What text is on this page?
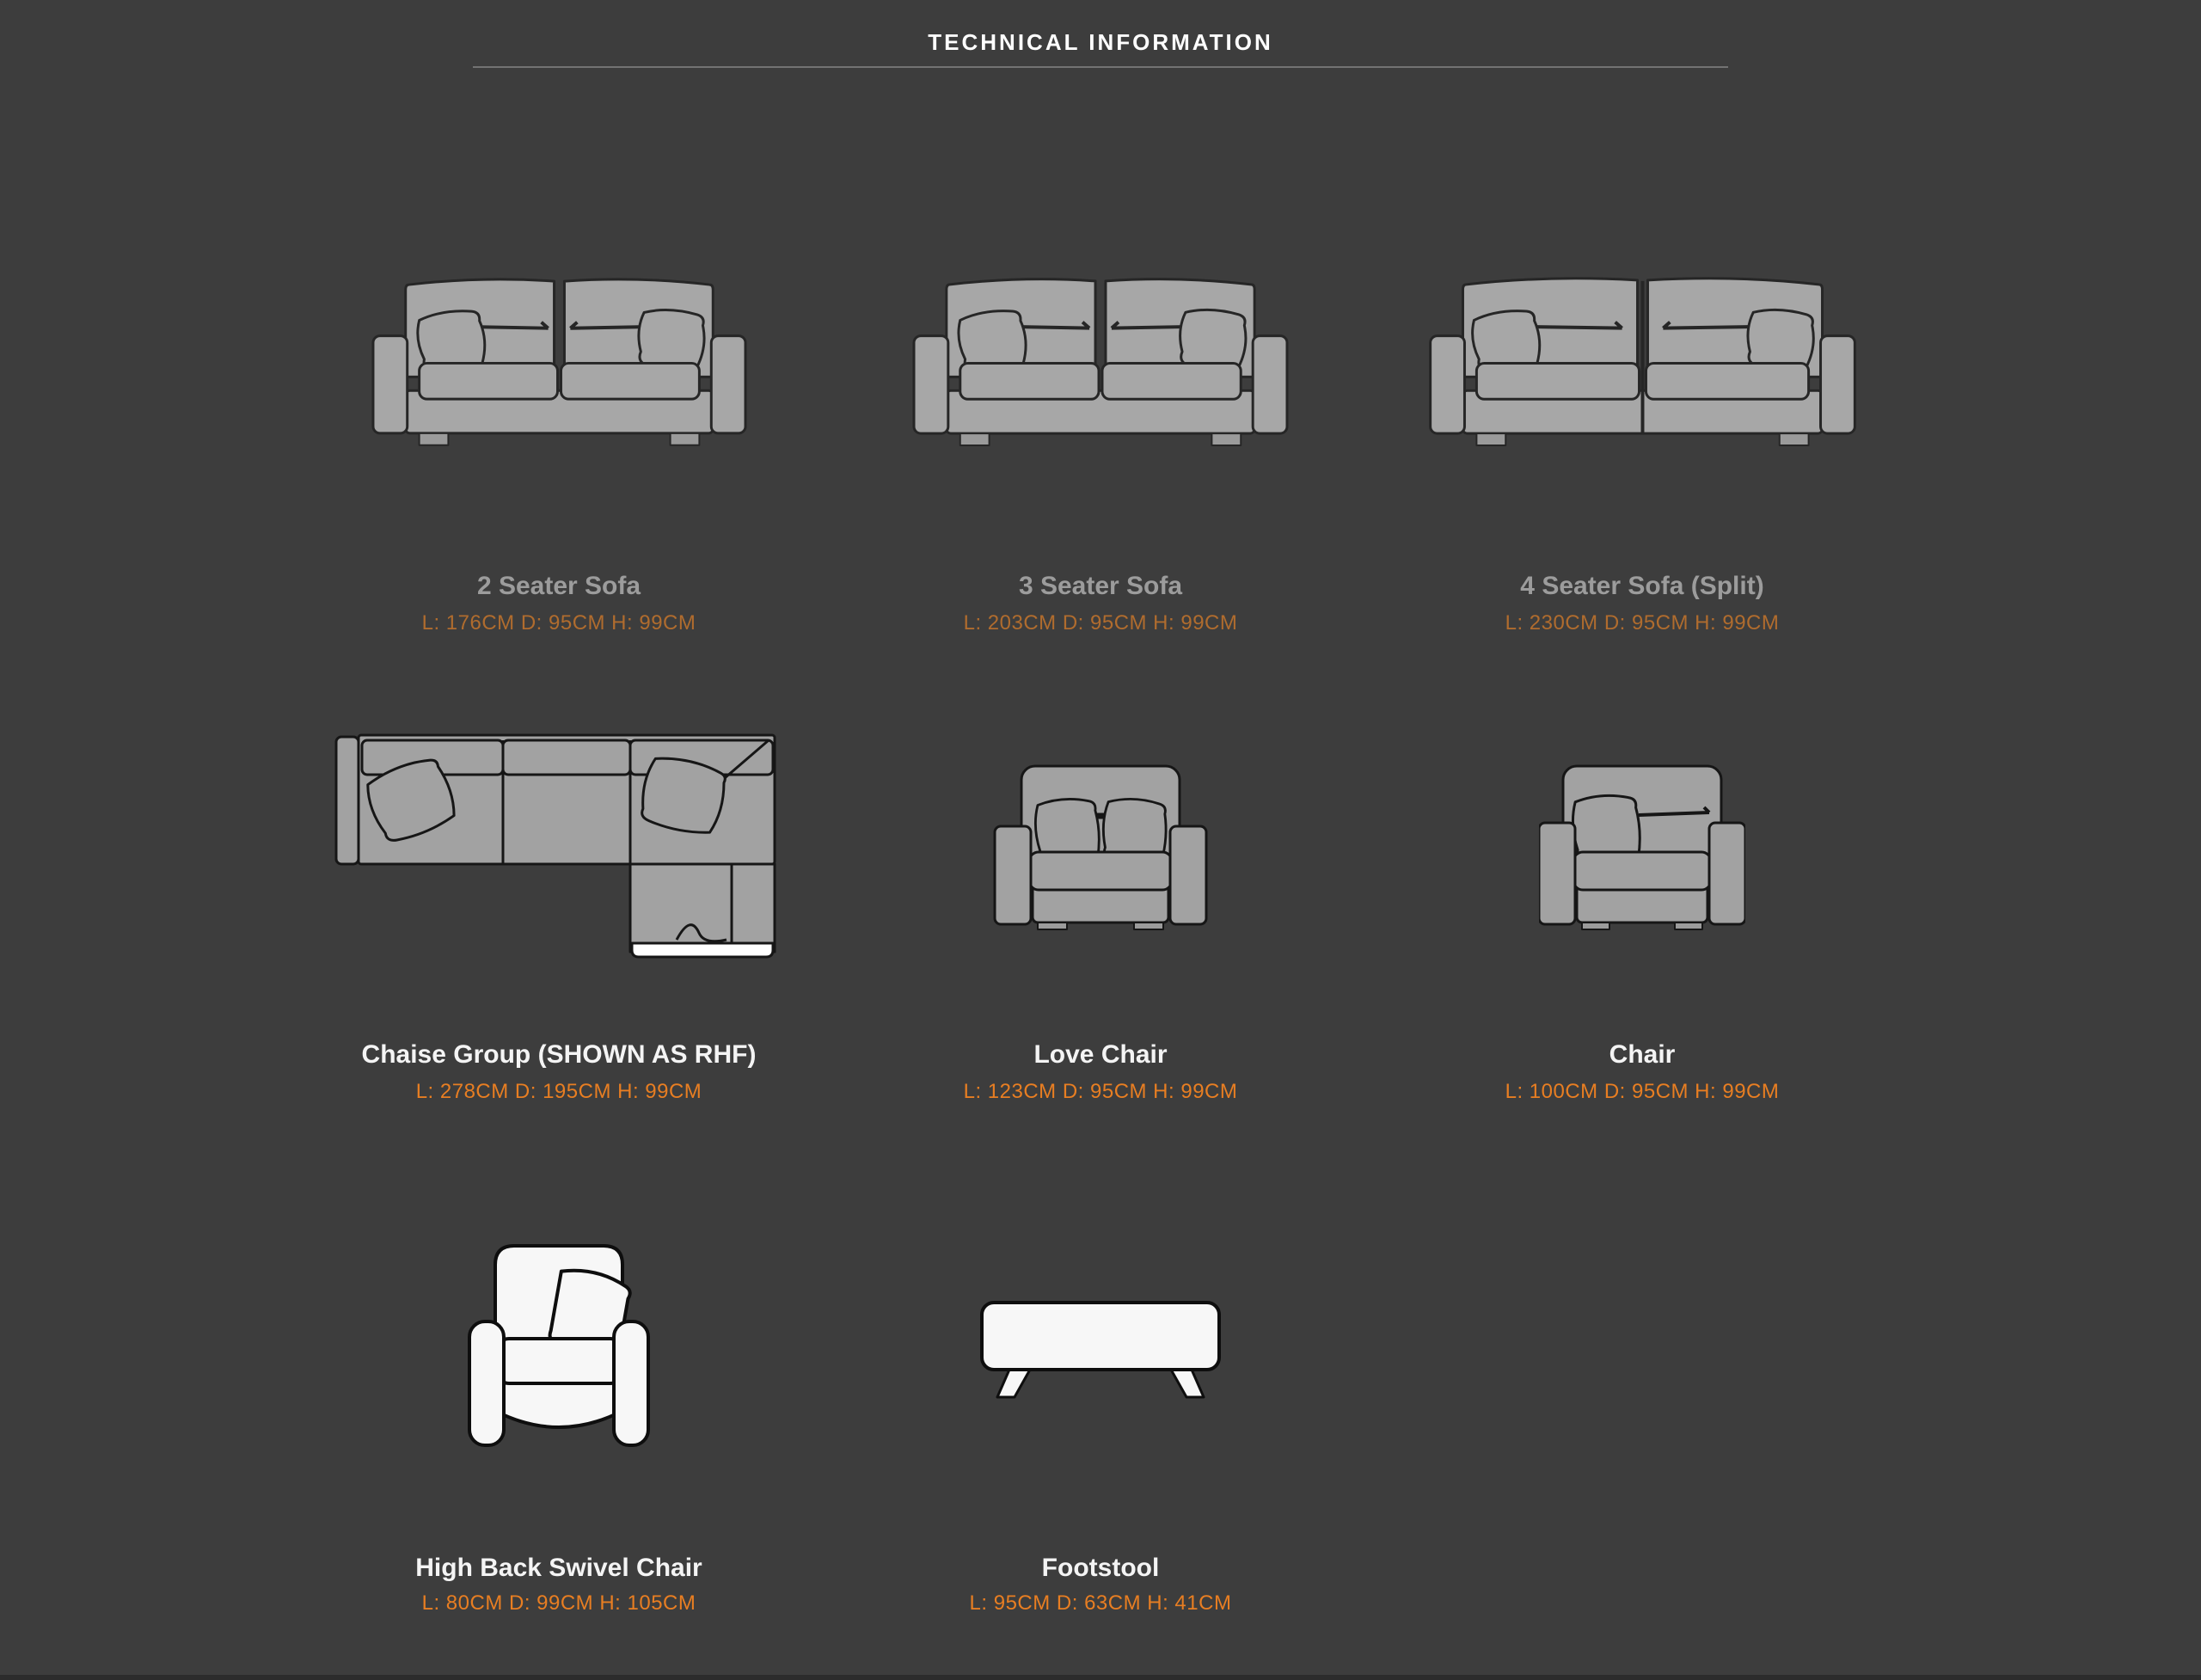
TECHNICAL INFORMATION
2 Seater Sofa
L: 176CM D: 95CM H: 99CM
3 Seater Sofa
L: 203CM D: 95CM H: 99CM
4 Seater Sofa (Split)
L: 230CM D: 95CM H: 99CM
Chaise Group (SHOWN AS RHF)
L: 278CM D: 195CM H: 99CM
Love Chair
L: 123CM D: 95CM H: 99CM
Chair
L: 100CM D: 95CM H: 99CM
High Back Swivel Chair
L: 80CM D: 99CM H: 105CM
Footstool
L: 95CM D: 63CM H: 41CM
